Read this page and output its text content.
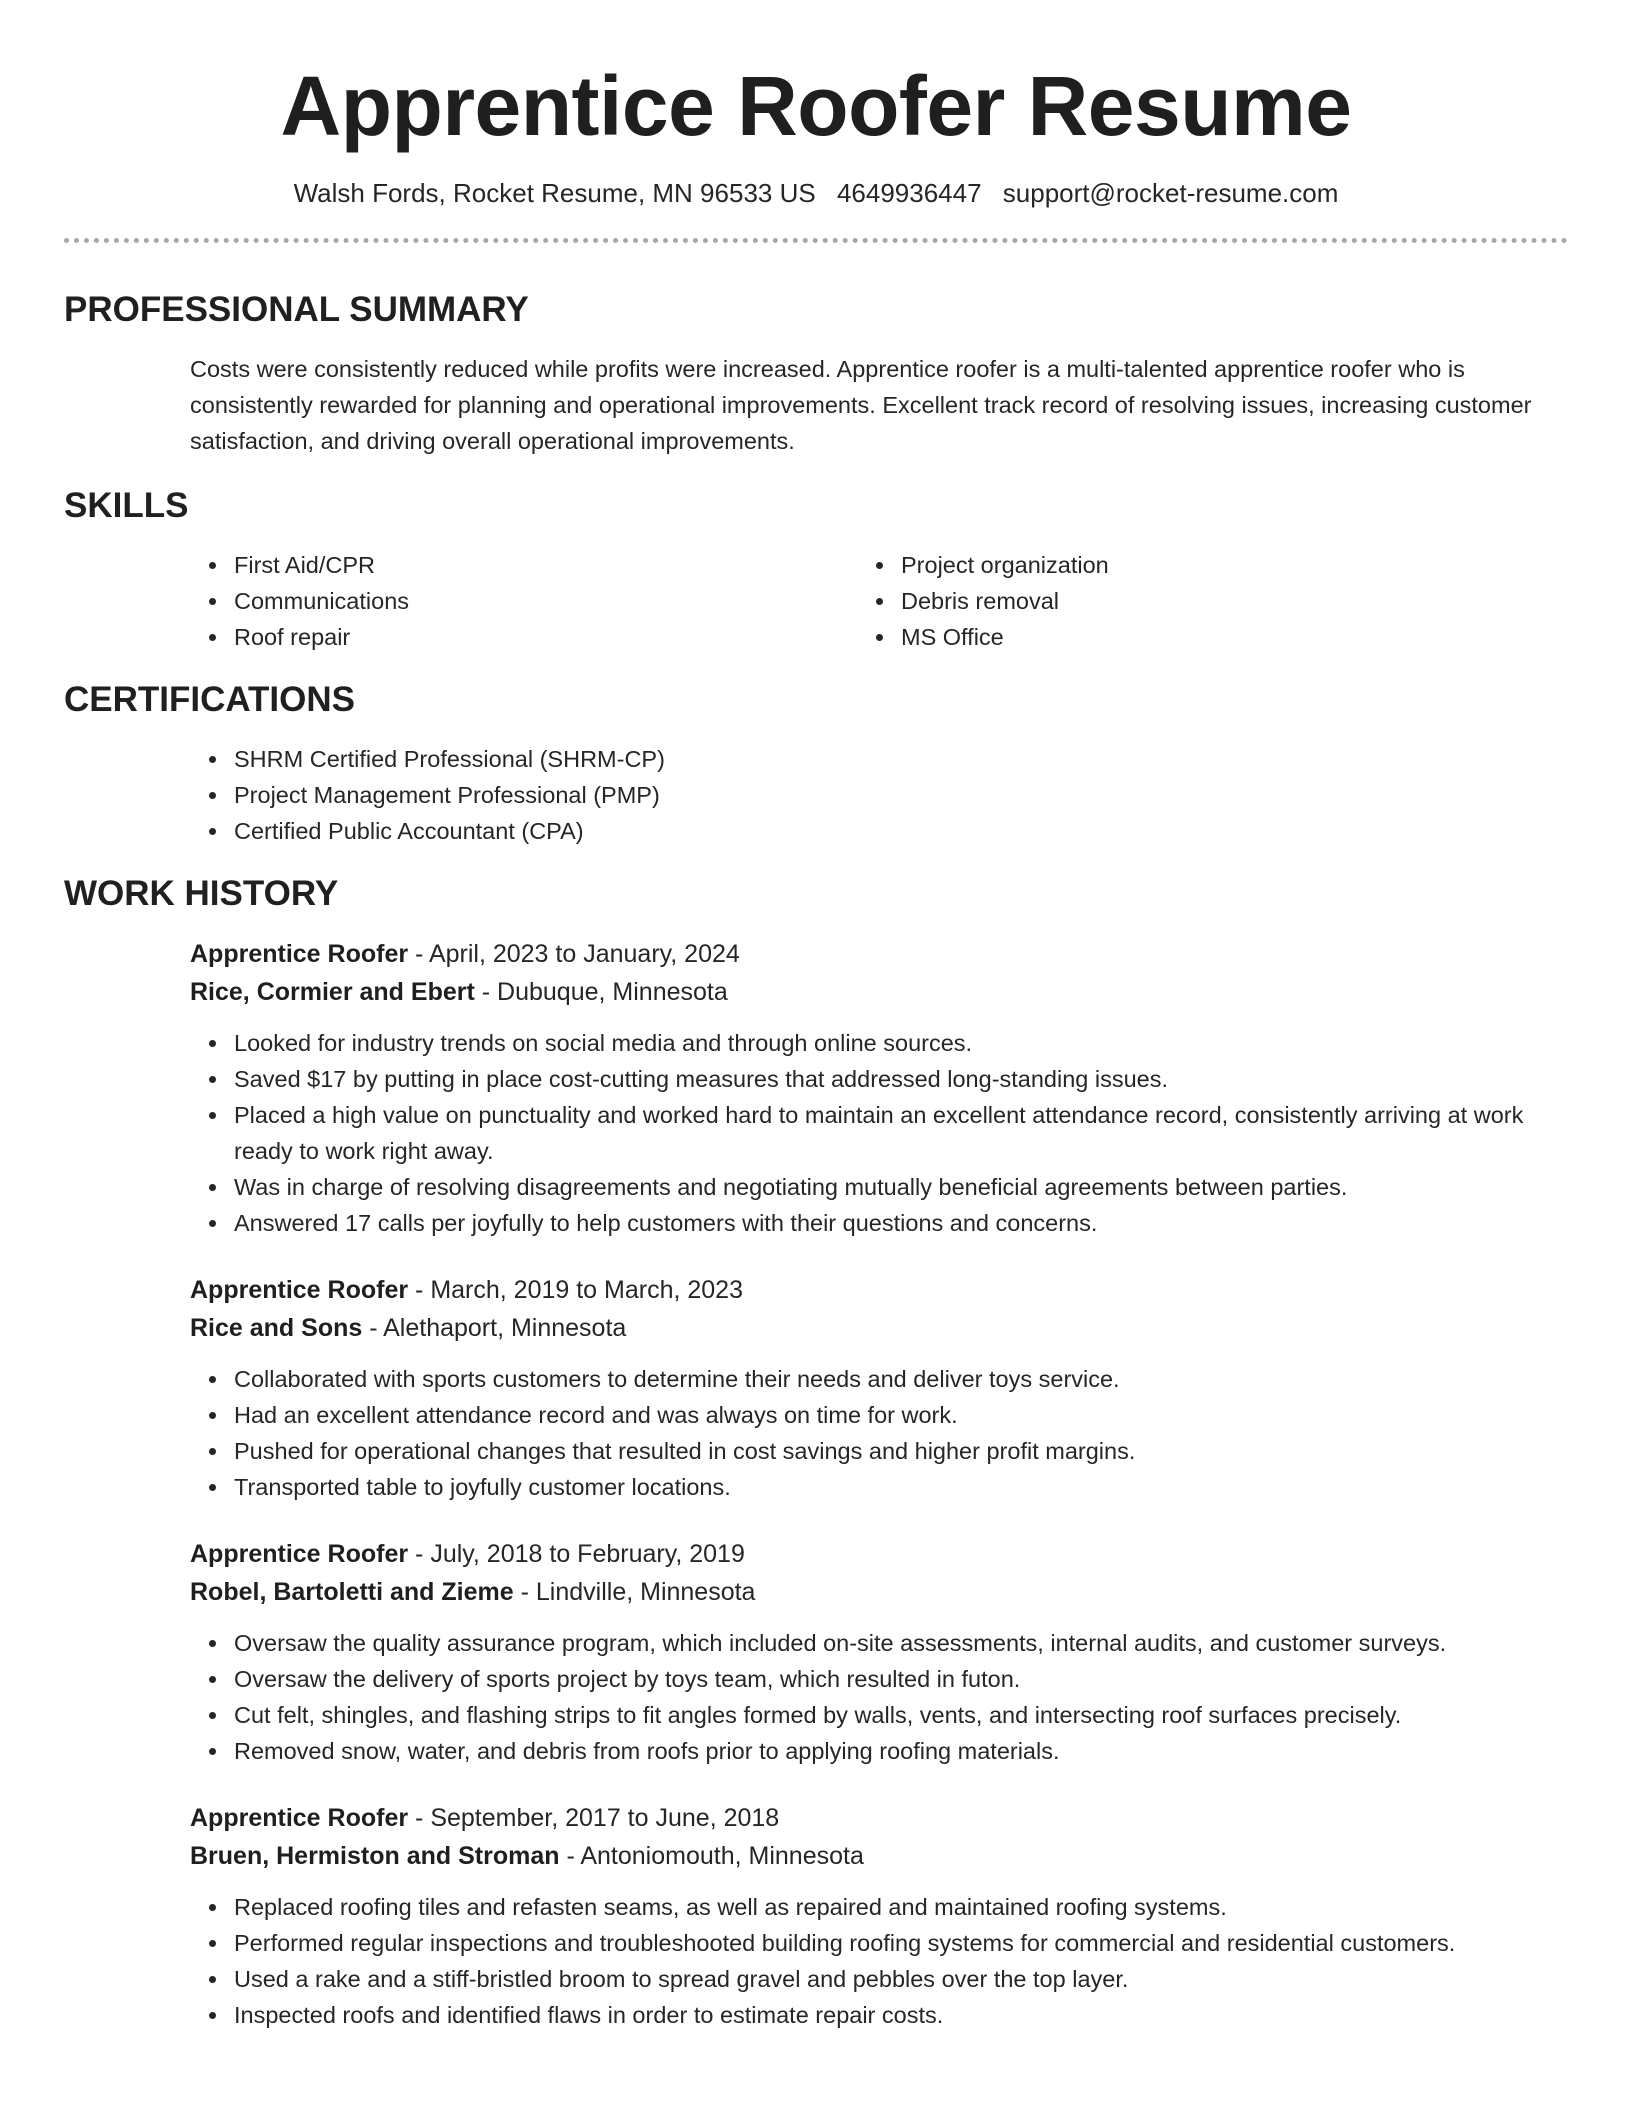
Apprentice Roofer Resume
Walsh Fords, Rocket Resume, MN 96533 US 4649936447 support@rocket-resume.com
PROFESSIONAL SUMMARY

Costs were consistently reduced while profits were increased. Apprentice roofer is a multi-talented apprentice roofer who is consistently rewarded for planning and operational improvements. Excellent track record of resolving issues, increasing customer satisfaction, and driving overall operational improvements.

SKILLS
First Aid/CPR
Communications
Roof repair
Project organization
Debris removal
MS Office
CERTIFICATIONS
SHRM Certified Professional (SHRM-CP)
Project Management Professional (PMP)
Certified Public Accountant (CPA)
WORK HISTORY
Apprentice Roofer - April, 2023 to January, 2024
Rice, Cormier and Ebert - Dubuque, Minnesota
Looked for industry trends on social media and through online sources.
Saved $17 by putting in place cost-cutting measures that addressed long-standing issues.
Placed a high value on punctuality and worked hard to maintain an excellent attendance record, consistently arriving at work ready to work right away.
Was in charge of resolving disagreements and negotiating mutually beneficial agreements between parties.
Answered 17 calls per joyfully to help customers with their questions and concerns.
Apprentice Roofer - March, 2019 to March, 2023
Rice and Sons - Alethaport, Minnesota
Collaborated with sports customers to determine their needs and deliver toys service.
Had an excellent attendance record and was always on time for work.
Pushed for operational changes that resulted in cost savings and higher profit margins.
Transported table to joyfully customer locations.
Apprentice Roofer - July, 2018 to February, 2019
Robel, Bartoletti and Zieme - Lindville, Minnesota
Oversaw the quality assurance program, which included on-site assessments, internal audits, and customer surveys.
Oversaw the delivery of sports project by toys team, which resulted in futon.
Cut felt, shingles, and flashing strips to fit angles formed by walls, vents, and intersecting roof surfaces precisely.
Removed snow, water, and debris from roofs prior to applying roofing materials.
Apprentice Roofer - September, 2017 to June, 2018
Bruen, Hermiston and Stroman - Antoniomouth, Minnesota
Replaced roofing tiles and refasten seams, as well as repaired and maintained roofing systems.
Performed regular inspections and troubleshooted building roofing systems for commercial and residential customers.
Used a rake and a stiff-bristled broom to spread gravel and pebbles over the top layer.
Inspected roofs and identified flaws in order to estimate repair costs.
